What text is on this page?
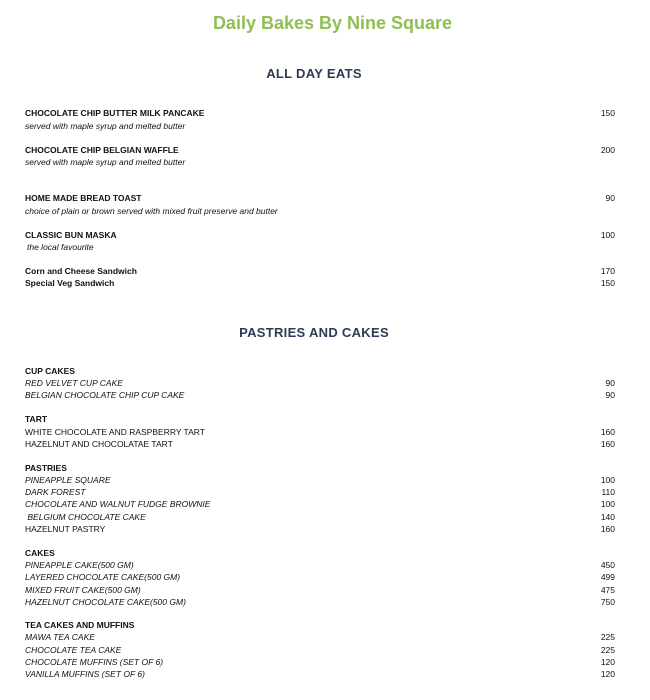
Daily Bakes By Nine Square
ALL DAY EATS
CHOCOLATE CHIP BUTTER MILK PANCAKE	150
served with maple syrup and melted butter
CHOCOLATE CHIP BELGIAN WAFFLE	200
served with maple syrup and melted butter
HOME MADE BREAD TOAST	90
choice of plain or brown served with mixed fruit preserve and butter
CLASSIC BUN MASKA	100
the local favourite
Corn and Cheese Sandwich	170
Special Veg Sandwich	150
PASTRIES AND CAKES
CUP CAKES
RED VELVET CUP CAKE	90
BELGIAN CHOCOLATE CHIP CUP CAKE	90
TART
WHITE CHOCOLATE AND RASPBERRY TART	160
HAZELNUT AND CHOCOLATAE TART	160
PASTRIES
PINEAPPLE SQUARE	100
DARK FOREST	110
CHOCOLATE AND WALNUT FUDGE BROWNIE	100
BELGIUM CHOCOLATE CAKE	140
HAZELNUT PASTRY	160
CAKES
PINEAPPLE CAKE(500 GM)	450
LAYERED CHOCOLATE CAKE(500 GM)	499
MIXED FRUIT CAKE(500 GM)	475
HAZELNUT CHOCOLATE CAKE(500 GM)	750
TEA CAKES AND MUFFINS
MAWA TEA CAKE	225
CHOCOLATE TEA CAKE	225
CHOCOLATE MUFFINS (SET OF 6)	120
VANILLA MUFFINS (SET OF 6)	120
